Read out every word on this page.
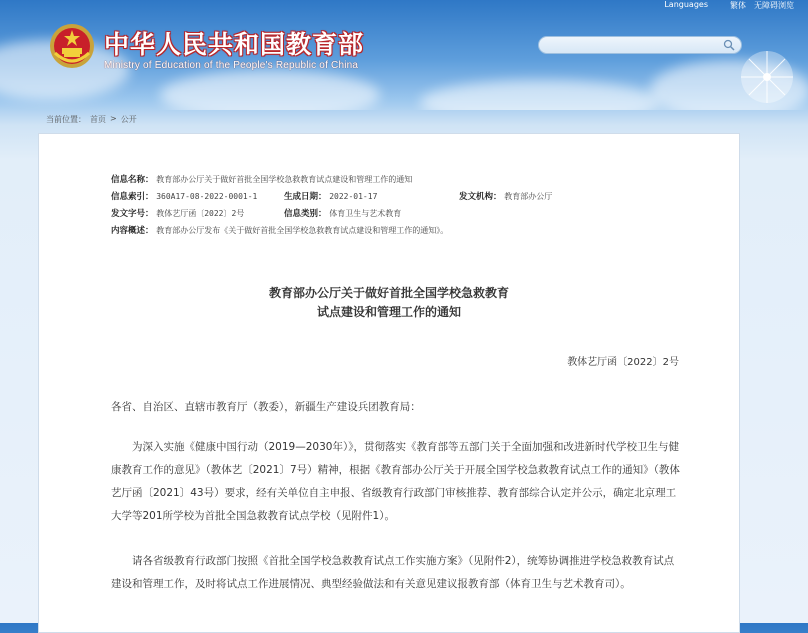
中华人民共和国教育部
Ministry of Education of the People's Republic of China
Languages	繁体	无障碍浏览
当前位置： 首页 > 公开
信息名称： 教育部办公厅关于做好首批全国学校急救教育试点建设和管理工作的通知
信息索引： 360A17-08-2022-0001-1	生成日期： 2022-01-17	发文机构： 教育部办公厅
发文字号： 教体艺厅函〔2022〕2号	信息类别： 体育卫生与艺术教育
内容概述： 教育部办公厅发布《关于做好首批全国学校急救教育试点建设和管理工作的通知》。
教育部办公厅关于做好首批全国学校急救教育
试点建设和管理工作的通知
教体艺厅函〔2022〕2号
各省、自治区、直辖市教育厅（教委），新疆生产建设兵团教育局：
为深入实施《健康中国行动（2019—2030年）》，贯彻落实《教育部等五部门关于全面加强和改进新时代学校卫生与健康教育工作的意见》（教体艺〔2021〕7号）精神，根据《教育部办公厅关于开展全国学校急救教育试点工作的通知》（教体艺厅函〔2021〕43号）要求，经有关单位自主申报、省级教育行政部门审核推荐、教育部综合认定并公示，确定北京理工大学等201所学校为首批全国急救教育试点学校（见附件1）。
请各省级教育行政部门按照《首批全国学校急救教育试点工作实施方案》（见附件2），统筹协调推进学校急救教育试点建设和管理工作，及时将试点工作进展情况、典型经验做法和有关意见建议报教育部（体育卫生与艺术教育司）。
